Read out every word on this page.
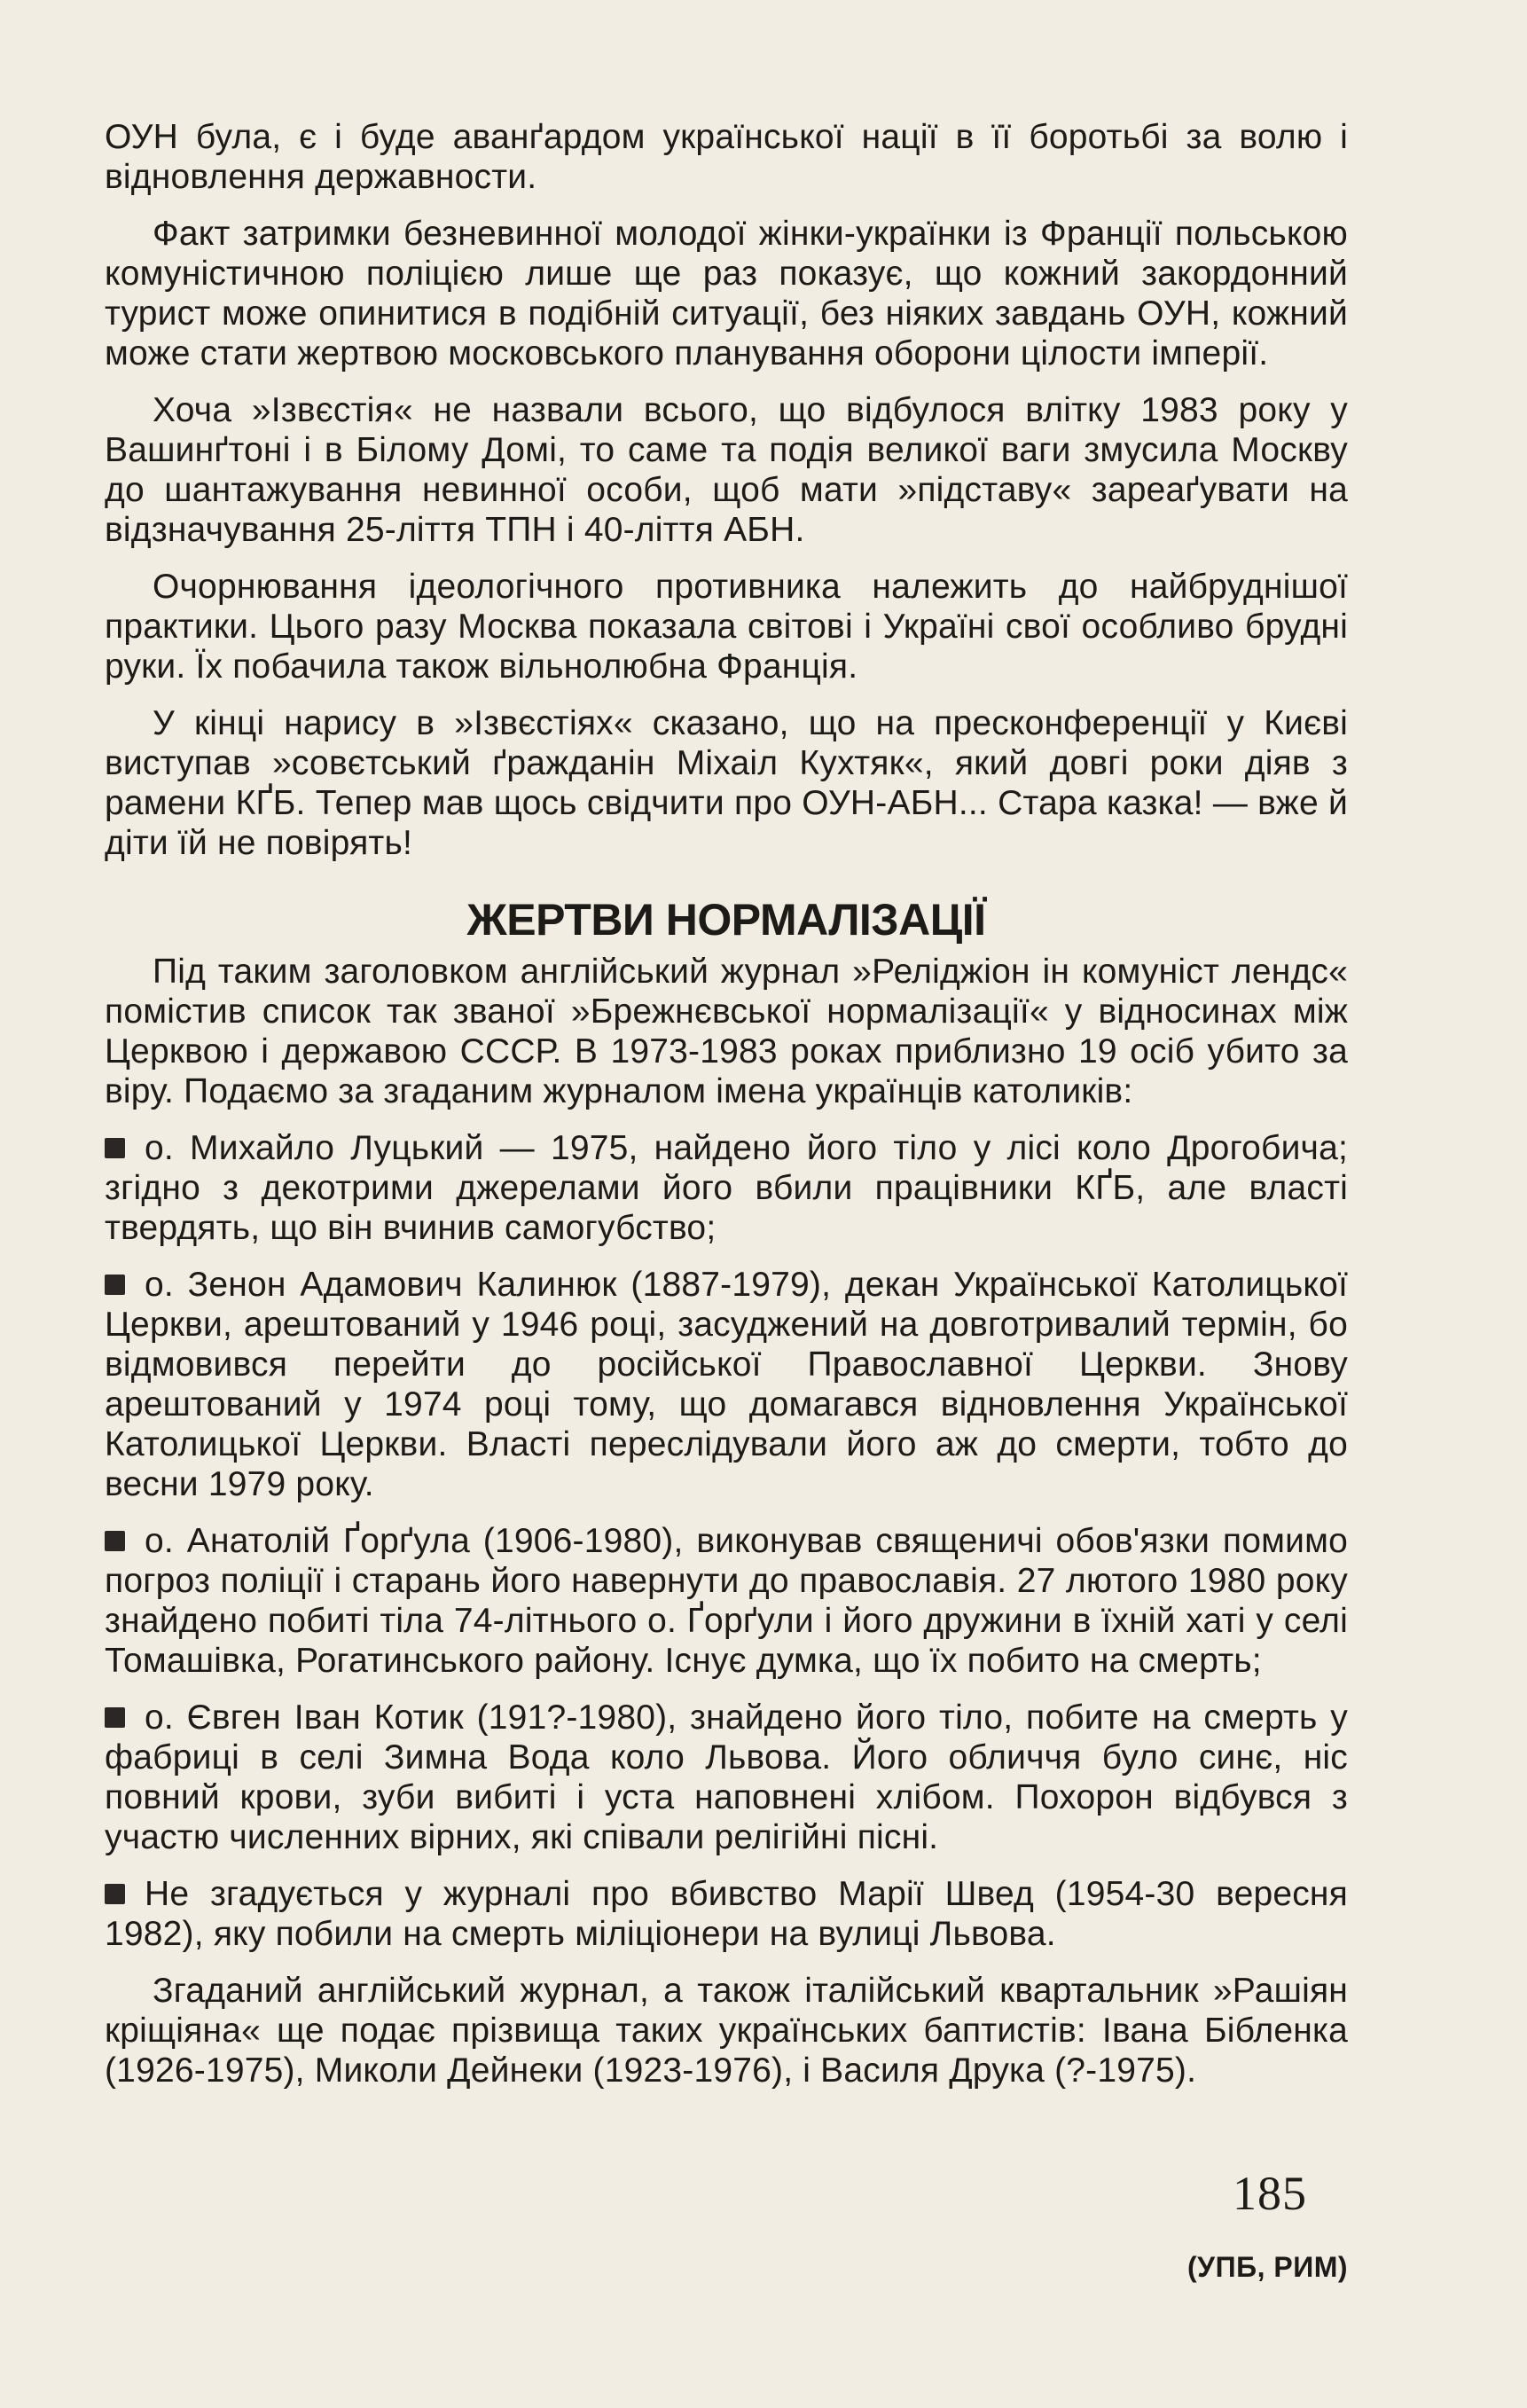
ОУН була, є і буде аванґардом української нації в її боротьбі за волю і відновлення державности.

Факт затримки безневинної молодої жінки-українки із Франції польською комуністичною поліцією лише ще раз показує, що кожний закордонний турист може опинитися в подібній ситуації, без ніяких завдань ОУН, кожний може стати жертвою московського планування оборони цілости імперії.

Хоча »Ізвєстія« не назвали всього, що відбулося влітку 1983 року у Вашинґтоні і в Білому Домі, то саме та подія великої ваги змусила Москву до шантажування невинної особи, щоб мати »підставу« зареаґувати на відзначування 25-ліття ТПН і 40-ліття АБН.

Очорнювання ідеологічного противника належить до найбруднішої практики. Цього разу Москва показала світові і Україні свої особливо брудні руки. Їх побачила також вільнолюбна Франція.

У кінці нарису в »Ізвєстіях« сказано, що на пресконференції у Києві виступав »совєтський ґражданін Міхаіл Кухтяк«, який довгі роки діяв з рамени КҐБ. Тепер мав щось свідчити про ОУН-АБН... Стара казка! — вже й діти їй не повірять!

ЖЕРТВИ НОРМАЛІЗАЦІЇ

Під таким заголовком англійський журнал »Реліджіон ін комуніст лендс« помістив список так званої »Брежнєвської нормалізації« у відносинах між Церквою і державою СССР. В 1973-1983 роках приблизно 19 осіб убито за віру. Подаємо за згаданим журналом імена українців католиків:

о. Михайло Луцький — 1975, найдено його тіло у лісі коло Дрогобича; згідно з декотрими джерелами його вбили працівники КҐБ, але власті твердять, що він вчинив самогубство;

о. Зенон Адамович Калинюк (1887-1979), декан Української Католицької Церкви, арештований у 1946 році, засуджений на довготривалий термін, бо відмовився перейти до російської Православної Церкви. Знову арештований у 1974 році тому, що домагався відновлення Української Католицької Церкви. Власті переслідували його аж до смерти, тобто до весни 1979 року.

о. Анатолій Ґорґула (1906-1980), виконував священичі обов'язки помимо погроз поліції і старань його навернути до православія. 27 лютого 1980 року знайдено побиті тіла 74-літнього о. Ґорґули і його дружини в їхній хаті у селі Томашівка, Рогатинського району. Існує думка, що їх побито на смерть;

о. Євген Іван Котик (191?-1980), знайдено його тіло, побите на смерть у фабриці в селі Зимна Вода коло Львова. Його обличчя було синє, ніс повний крови, зуби вибиті і уста наповнені хлібом. Похорон відбувся з участю численних вірних, які співали релігійні пісні.

Не згадується у журналі про вбивство Марії Швед (1954-30 вересня 1982), яку побили на смерть міліціонери на вулиці Львова.

Згаданий англійський журнал, а також італійський квартальник »Рашіян кріщіяна« ще подає прізвища таких українських баптистів: Івана Бібленка (1926-1975), Миколи Дейнеки (1923-1976), і Василя Друка (?-1975).

(УПБ, РИМ)
185
